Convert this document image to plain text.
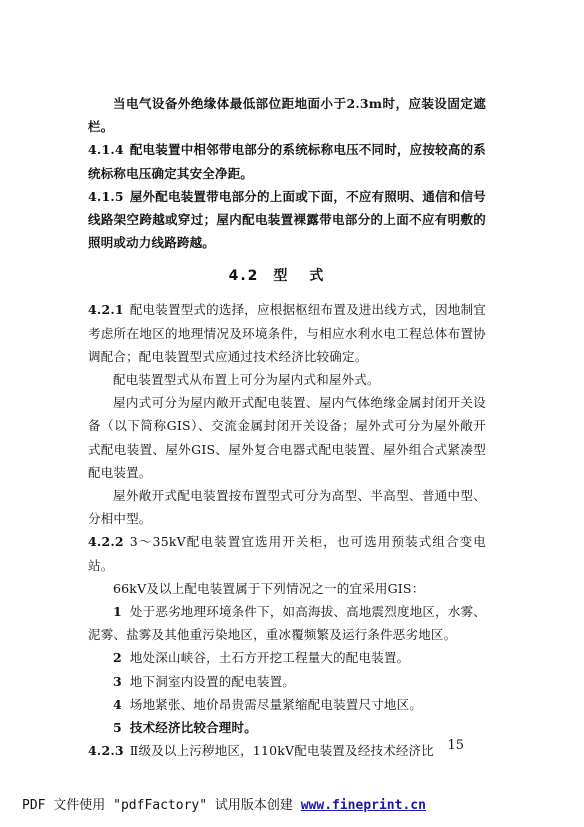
当电气设备外绝缘体最低部位距地面小于2.3m时，应装设固定遮栏。

4.1.4 配电装置中相邻带电部分的系统标称电压不同时，应按较高的系统标称电压确定其安全净距。

4.1.5 屋外配电装置带电部分的上面或下面，不应有照明、通信和信号线路架空跨越或穿过；屋内配电装置裸露带电部分的上面不应有明敷的照明或动力线路跨越。

4.2 型式

4.2.1 配电装置型式的选择，应根据枢纽布置及进出线方式，因地制宜考虑所在地区的地理情况及环境条件，与相应水利水电工程总体布置协调配合；配电装置型式应通过技术经济比较确定。

配电装置型式从布置上可分为屋内式和屋外式。

屋内式可分为屋内敞开式配电装置、屋内气体绝缘金属封闭开关设备（以下简称GIS）、交流金属封闭开关设备；屋外式可分为屋外敞开式配电装置、屋外GIS、屋外复合电器式配电装置、屋外组合式紧凑型配电装置。

屋外敞开式配电装置按布置型式可分为高型、半高型、普通中型、分相中型。

4.2.2 3～35kV配电装置宜选用开关柜，也可选用预装式组合变电站。

66kV及以上配电装置属于下列情况之一的宜采用GIS：

1 处于恶劣地理环境条件下，如高海拔、高地震烈度地区，水雾、泥雾、盐雾及其他重污染地区，重冰覆频繁及运行条件恶劣地区。

2 地处深山峡谷，土石方开挖工程量大的配电装置。

3 地下洞室内设置的配电装置。

4 场地紧张、地价昂贵需尽量紧缩配电装置尺寸地区。

5 技术经济比较合理时。

4.2.3 Ⅱ级及以上污秽地区，110kV配电装置及经技术经济比	15
PDF 文件使用 "pdfFactory" 试用版本创建 www.fineprint.cn
